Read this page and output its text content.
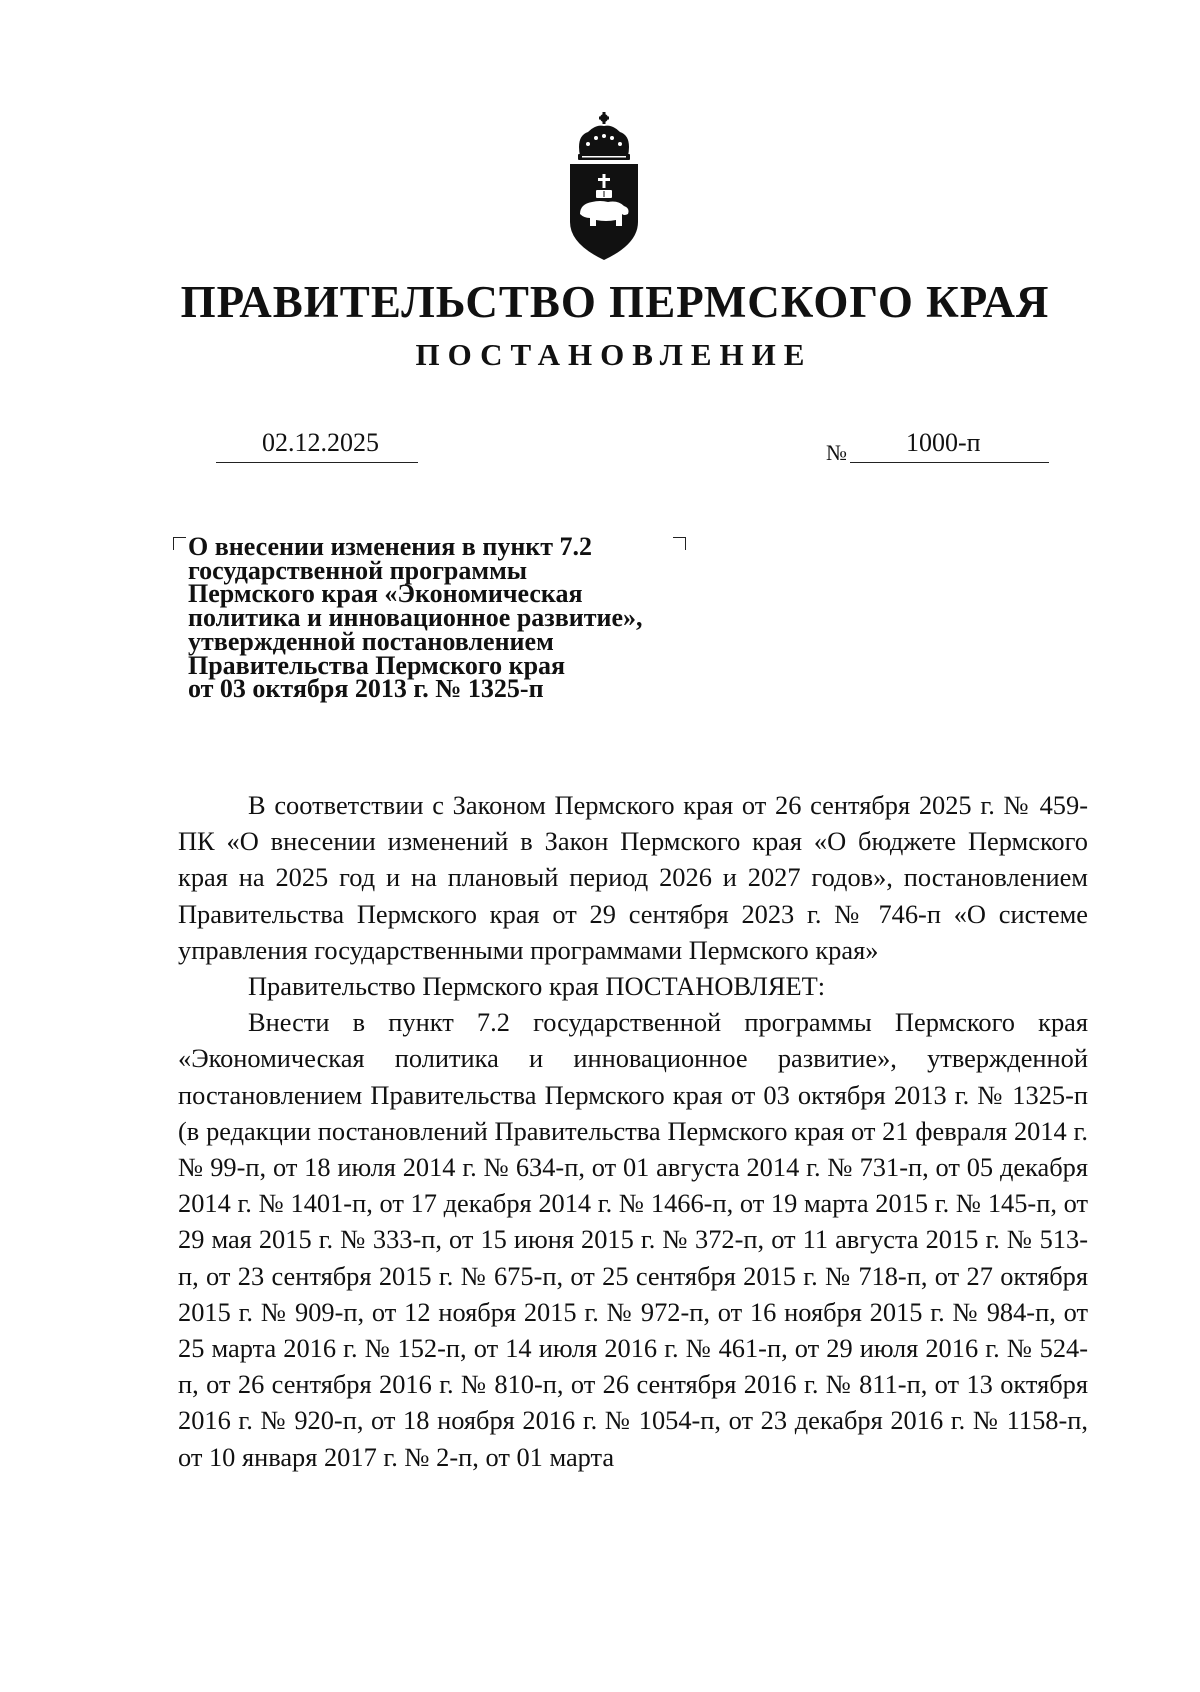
ПРАВИТЕЛЬСТВО ПЕРМСКОГО КРАЯ
ПОСТАНОВЛЕНИЕ
02.12.2025	№ 1000-п
О внесении изменения в пункт 7.2
государственной программы
Пермского края «Экономическая
политика и инновационное развитие»,
утвержденной постановлением
Правительства Пермского края
от 03 октября 2013 г. № 1325-п

В соответствии с Законом Пермского края от 26 сентября 2025 г. № 459-ПК «О внесении изменений в Закон Пермского края «О бюджете Пермского края на 2025 год и на плановый период 2026 и 2027 годов», постановлением Правительства Пермского края от 29 сентября 2023 г. № 746-п «О системе управления государственными программами Пермского края»

Правительство Пермского края ПОСТАНОВЛЯЕТ:

Внести в пункт 7.2 государственной программы Пермского края «Экономическая политика и инновационное развитие», утвержденной постановлением Правительства Пермского края от 03 октября 2013 г. № 1325-п (в редакции постановлений Правительства Пермского края от 21 февраля 2014 г. № 99-п, от 18 июля 2014 г. № 634-п, от 01 августа 2014 г. № 731-п, от 05 декабря 2014 г. № 1401-п, от 17 декабря 2014 г. № 1466-п, от 19 марта 2015 г. № 145-п, от 29 мая 2015 г. № 333-п, от 15 июня 2015 г. № 372-п, от 11 августа 2015 г. № 513-п, от 23 сентября 2015 г. № 675-п, от 25 сентября 2015 г. № 718-п, от 27 октября 2015 г. № 909-п, от 12 ноября 2015 г. № 972-п, от 16 ноября 2015 г. № 984-п, от 25 марта 2016 г. № 152-п, от 14 июля 2016 г. № 461-п, от 29 июля 2016 г. № 524-п, от 26 сентября 2016 г. № 810-п, от 26 сентября 2016 г. № 811-п, от 13 октября 2016 г. № 920-п, от 18 ноября 2016 г. № 1054-п, от 23 декабря 2016 г. № 1158-п, от 10 января 2017 г. № 2-п, от 01 марта
